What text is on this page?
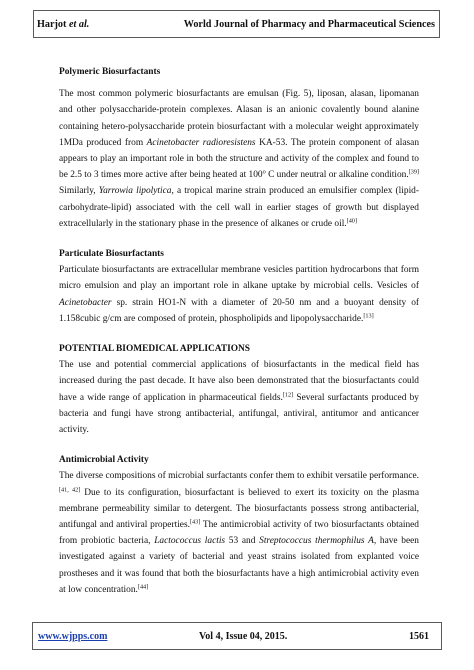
Harjot et al.	World Journal of Pharmacy and Pharmaceutical Sciences
Polymeric Biosurfactants

The most common polymeric biosurfactants are emulsan (Fig. 5), liposan, alasan, lipomanan and other polysaccharide-protein complexes. Alasan is an anionic covalently bound alanine containing hetero-polysaccharide protein biosurfactant with a molecular weight approximately 1MDa produced from Acinetobacter radioresistens KA-53. The protein component of alasan appears to play an important role in both the structure and activity of the complex and found to be 2.5 to 3 times more active after being heated at 100$^o$ C under neutral or alkaline condition.[39] Similarly, Yarrowia lipolytica, a tropical marine strain produced an emulsifier complex (lipid-carbohydrate-lipid) associated with the cell wall in earlier stages of growth but displayed extracellularly in the stationary phase in the presence of alkanes or crude oil.[40]

Particulate Biosurfactants

Particulate biosurfactants are extracellular membrane vesicles partition hydrocarbons that form micro emulsion and play an important role in alkane uptake by microbial cells. Vesicles of Acinetobacter sp. strain HO1-N with a diameter of 20-50 nm and a buoyant density of 1.158cubic g/cm are composed of protein, phospholipids and lipopolysaccharide.[13]

POTENTIAL BIOMEDICAL APPLICATIONS

The use and potential commercial applications of biosurfactants in the medical field has increased during the past decade. It have also been demonstrated that the biosurfactants could have a wide range of application in pharmaceutical fields.[12] Several surfactants produced by bacteria and fungi have strong antibacterial, antifungal, antiviral, antitumor and anticancer activity.

Antimicrobial Activity

The diverse compositions of microbial surfactants confer them to exhibit versatile performance.[41, 42] Due to its configuration, biosurfactant is believed to exert its toxicity on the plasma membrane permeability similar to detergent. The biosurfactants possess strong antibacterial, antifungal and antiviral properties.[43] The antimicrobial activity of two biosurfactants obtained from probiotic bacteria, Lactococcus lactis 53 and Streptococcus thermophilus A, have been investigated against a variety of bacterial and yeast strains isolated from explanted voice prostheses and it was found that both the biosurfactants have a high antimicrobial activity even at low concentration.[44]

www.wjpps.com	Vol 4, Issue 04, 2015.	1561
